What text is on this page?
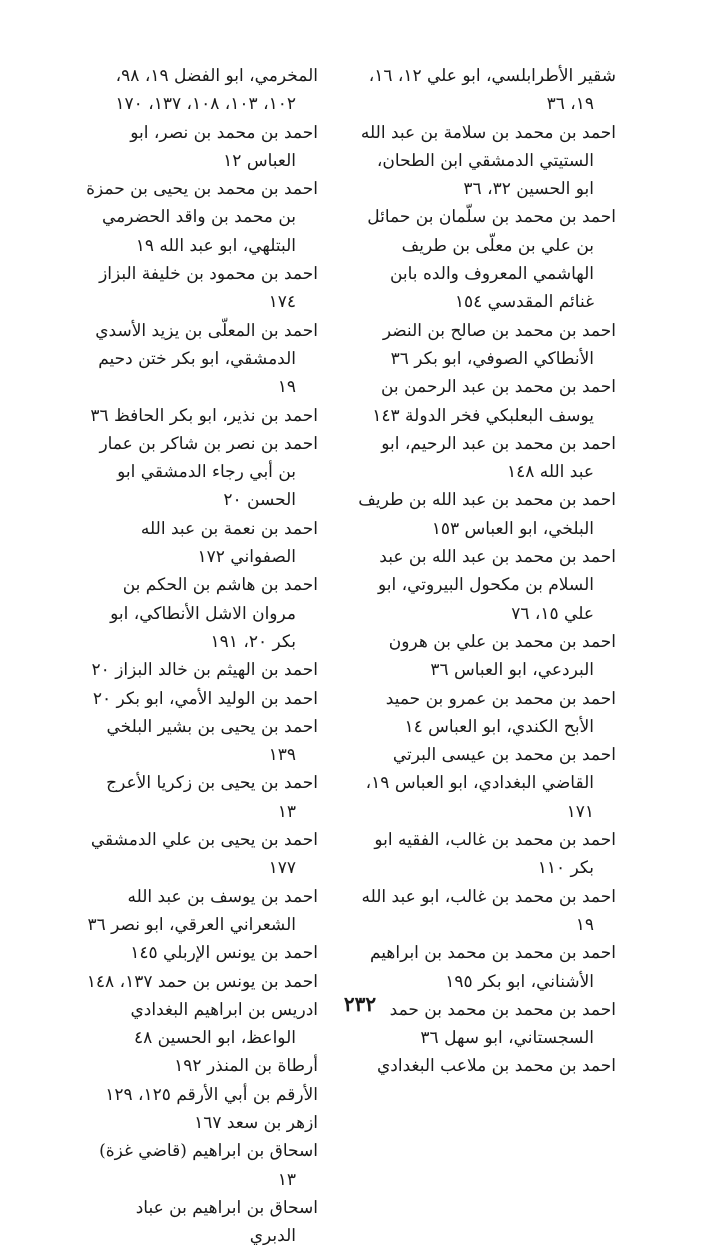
شقير الأطرابلسي، ابو علي ١٢، ١٦، ١٩، ٣٦

احمد بن محمد بن سلامة بن عبد الله الستيتي الدمشقي ابن الطحان، ابو الحسين ٣٢، ٣٦

احمد بن محمد بن سلّمان بن حمائل بن علي بن معلّى بن طريف الهاشمي المعروف والده بابن غنائم المقدسي ١٥٤

احمد بن محمد بن صالح بن النضر الأنطاكي الصوفي، ابو بكر ٣٦

احمد بن محمد بن عبد الرحمن بن يوسف البعلبكي فخر الدولة ١٤٣

احمد بن محمد بن عبد الرحيم، ابو عبد الله ١٤٨

احمد بن محمد بن عبد الله بن طريف البلخي، ابو العباس ١٥٣

احمد بن محمد بن عبد الله بن عبد السلام بن مكحول البيروتي، ابو علي ١٥، ٧٦

احمد بن محمد بن علي بن هرون البردعي، ابو العباس ٣٦

احمد بن محمد بن عمرو بن حميد الأبح الكندي، ابو العباس ١٤

احمد بن محمد بن عيسى البرتي القاضي البغدادي، ابو العباس ١٩، ١٧١

احمد بن محمد بن غالب، الفقيه ابو بكر ١١٠

احمد بن محمد بن غالب، ابو عبد الله ١٩

احمد بن محمد بن محمد بن ابراهيم الأشناني، ابو بكر ١٩٥

احمد بن محمد بن محمد بن حمد السجستاني، ابو سهل ٣٦

احمد بن محمد بن ملاعب البغدادي

المخرمي، ابو الفضل ١٩، ٩٨، ١٠٢، ١٠٣، ١٠٨، ١٣٧، ١٧٠

احمد بن محمد بن نصر، ابو العباس ١٢

احمد بن محمد بن يحيى بن حمزة بن محمد بن واقد الحضرمي البتلهي، ابو عبد الله ١٩

احمد بن محمود بن خليفة البزاز ١٧٤

احمد بن المعلّى بن يزيد الأسدي الدمشقي، ابو بكر ختن دحيم ١٩

احمد بن نذير، ابو بكر الحافظ ٣٦

احمد بن نصر بن شاكر بن عمار بن أبي رجاء الدمشقي ابو الحسن ٢٠

احمد بن نعمة بن عبد الله الصفواني ١٧٢

احمد بن هاشم بن الحكم بن مروان الاشل الأنطاكي، ابو بكر ٢٠، ١٩١

احمد بن الهيثم بن خالد البزاز ٢٠

احمد بن الوليد الأمي، ابو بكر ٢٠

احمد بن يحيى بن بشير البلخي ١٣٩

احمد بن يحيى بن زكريا الأعرج ١٣

احمد بن يحيى بن علي الدمشقي ١٧٧

احمد بن يوسف بن عبد الله الشعراني العرقي، ابو نصر ٣٦

احمد بن يونس الإربلي ١٤٥

احمد بن يونس بن حمد ١٣٧، ١٤٨

ادريس بن ابراهيم البغدادي الواعظ، ابو الحسين ٤٨

أرطاة بن المنذر ١٩٢

الأرقم بن أبي الأرقم ١٢٥، ١٢٩

ازهر بن سعد ١٦٧

اسحاق بن ابراهيم (قاضي غزة) ١٣

اسحاق بن ابراهيم بن عباد الدبري

٢٣٢
